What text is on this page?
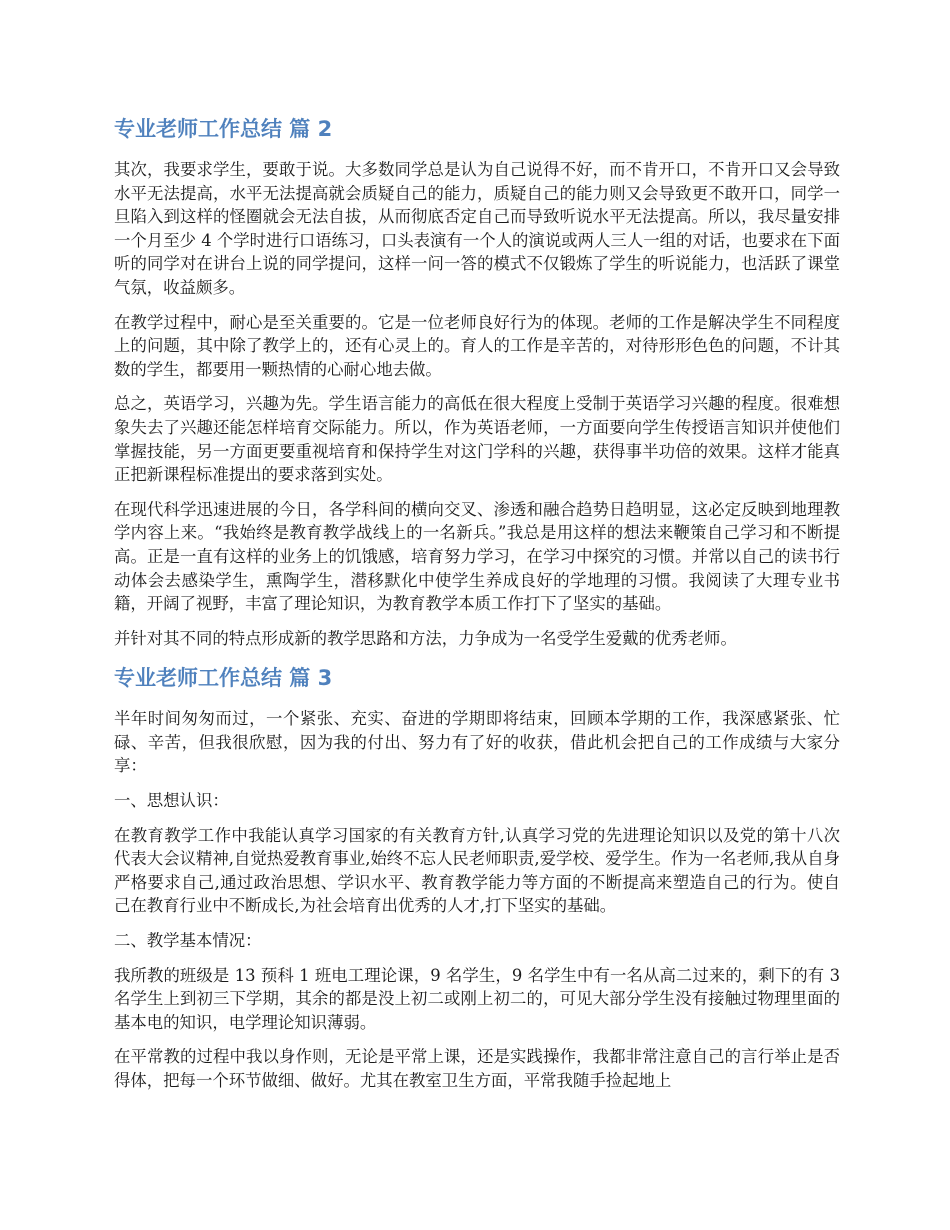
专业老师工作总结 篇 2

其次，我要求学生，要敢于说。大多数同学总是认为自己说得不好，而不肯开口，不肯开口又会导致水平无法提高，水平无法提高就会质疑自己的能力，质疑自己的能力则又会导致更不敢开口，同学一旦陷入到这样的怪圈就会无法自拔，从而彻底否定自己而导致听说水平无法提高。所以，我尽量安排一个月至少 4 个学时进行口语练习，口头表演有一个人的演说或两人三人一组的对话，也要求在下面听的同学对在讲台上说的同学提问，这样一问一答的模式不仅锻炼了学生的听说能力，也活跃了课堂气氛，收益颇多。

在教学过程中，耐心是至关重要的。它是一位老师良好行为的体现。老师的工作是解决学生不同程度上的问题，其中除了教学上的，还有心灵上的。育人的工作是辛苦的，对待形形色色的问题，不计其数的学生，都要用一颗热情的心耐心地去做。

总之，英语学习，兴趣为先。学生语言能力的高低在很大程度上受制于英语学习兴趣的程度。很难想象失去了兴趣还能怎样培育交际能力。所以，作为英语老师，一方面要向学生传授语言知识并使他们掌握技能，另一方面更要重视培育和保持学生对这门学科的兴趣，获得事半功倍的效果。这样才能真正把新课程标准提出的要求落到实处。

在现代科学迅速进展的今日，各学科间的横向交叉、渗透和融合趋势日趋明显，这必定反映到地理教学内容上来。“我始终是教育教学战线上的一名新兵。”我总是用这样的想法来鞭策自己学习和不断提高。正是一直有这样的业务上的饥饿感，培育努力学习，在学习中探究的习惯。并常以自己的读书行动体会去感染学生，熏陶学生，潜移默化中使学生养成良好的学地理的习惯。我阅读了大理专业书籍，开阔了视野，丰富了理论知识，为教育教学本质工作打下了坚实的基础。

并针对其不同的特点形成新的教学思路和方法，力争成为一名受学生爱戴的优秀老师。

专业老师工作总结 篇 3

半年时间匆匆而过，一个紧张、充实、奋进的学期即将结束，回顾本学期的工作，我深感紧张、忙碌、辛苦，但我很欣慰，因为我的付出、努力有了好的收获，借此机会把自己的工作成绩与大家分享：

一、思想认识：

在教育教学工作中我能认真学习国家的有关教育方针,认真学习党的先进理论知识以及党的第十八次代表大会议精神,自觉热爱教育事业,始终不忘人民老师职责,爱学校、爱学生。作为一名老师,我从自身严格要求自己,通过政治思想、学识水平、教育教学能力等方面的不断提高来塑造自己的行为。使自己在教育行业中不断成长,为社会培育出优秀的人才,打下坚实的基础。

二、教学基本情况：

我所教的班级是 13 预科 1 班电工理论课，9 名学生，9 名学生中有一名从高二过来的，剩下的有 3 名学生上到初三下学期，其余的都是没上初二或刚上初二的，可见大部分学生没有接触过物理里面的基本电的知识，电学理论知识薄弱。

在平常教的过程中我以身作则，无论是平常上课，还是实践操作，我都非常注意自己的言行举止是否得体，把每一个环节做细、做好。尤其在教室卫生方面，平常我随手捡起地上
